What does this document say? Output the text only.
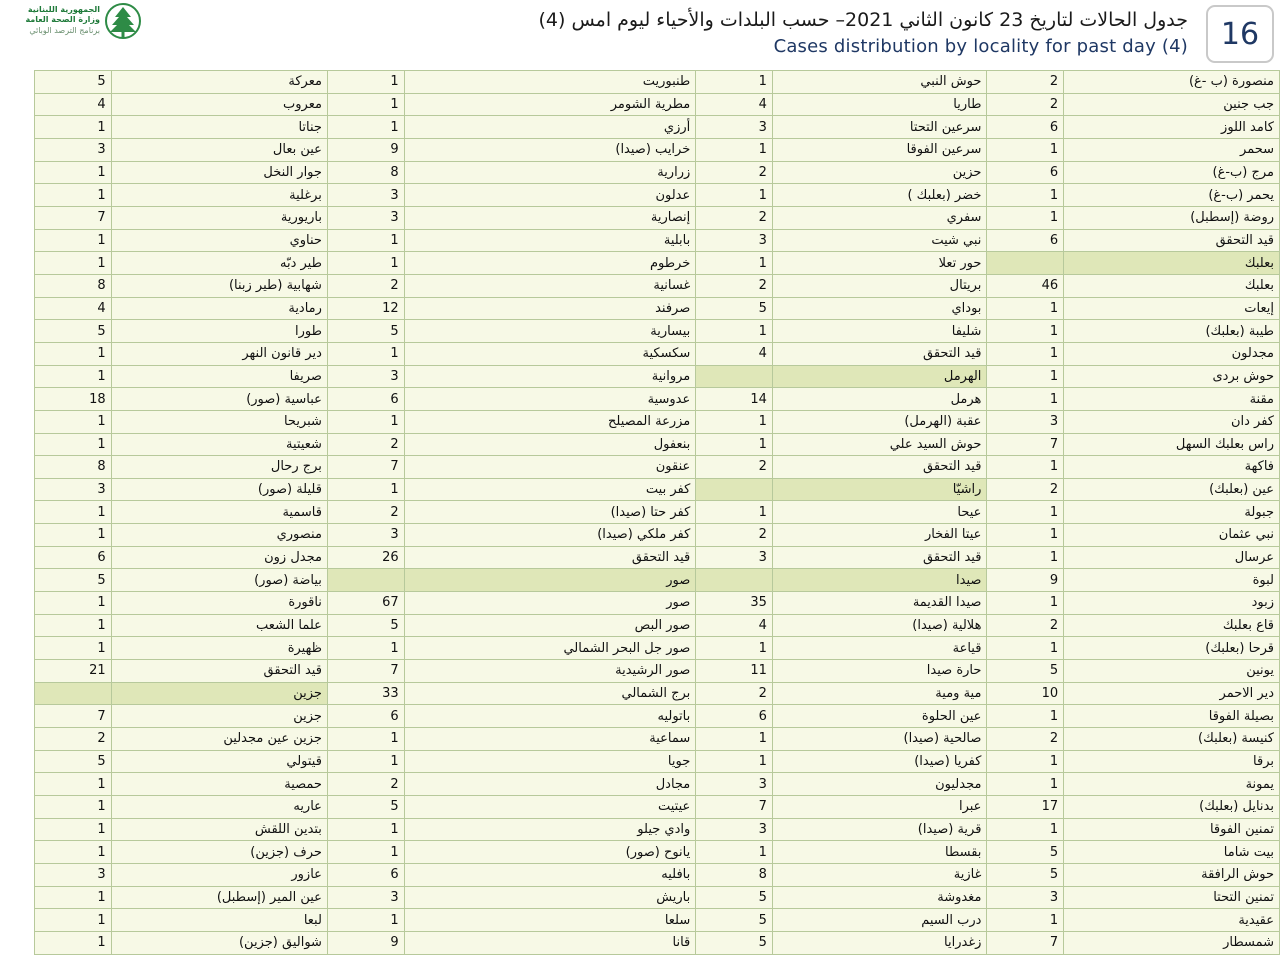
الجمهورية اللبنانية
وزارة الصحة العامة
برنامج الترصد الوبائي	جدول الحالات لتاريخ 23 كانون الثاني 2021– حسب البلدات والأحياء ليوم امس (4)
Cases distribution by locality for past day (4) 16
5	معركة	1	طنبوريت	1	حوش النبي	2	منصورة (ب -غ)
4	معروب	1	مطرية الشومر	4	طاريا	2	جب جنين
1	جناتا	1	أرزي	3	سرعين التحتا	6	كامد اللوز
3	عين بعال	9	خرايب (صيدا)	1	سرعين الفوقا	1	سحمر
1	جوار النخل	8	زرارية	2	حزين	6	مرج (ب-غ)
1	برغلية	3	عدلون	1	خضر (بعلبك )	1	يحمر (ب-غ)
7	باريورية	3	إنصارية	2	سفري	1	روضة (إسطبل)
1	حناوي	1	بابلية	3	نبي شيت	6	قيد التحقق
1	طير دبّه	1	خرطوم	1	حور تعلا		بعلبك
8	شهابية (طير زبنا)	2	غسانية	2	بريتال	46	بعلبك
4	رمادية	12	صرفند	5	بوداي	1	إيعات
5	طورا	5	بيسارية	1	شليفا	1	طيبة (بعلبك)
1	دير قانون النهر	1	سكسكية	4	قيد التحقق	1	مجدلون
1	صريفا	3	مروانية		الهرمل	1	حوش بردى
18	عباسية (صور)	6	عدوسية	14	هرمل	1	مقنة
1	شبريحا	1	مزرعة المصيلح	1	عقبة (الهرمل)	3	كفر دان
1	شعيتية	2	بنعفول	1	حوش السيد علي	7	راس بعلبك السهل
8	برج رحال	7	عنقون	2	قيد التحقق	1	فاكهة
3	قليلة (صور)	1	كفر بيت		راشيّا	2	عين (بعلبك)
1	قاسمية	2	كفر حتا (صيدا)	1	عيحا	1	جبولة
1	منصوري	3	كفر ملكي (صيدا)	2	عيتا الفخار	1	نبي عثمان
6	مجدل زون	26	قيد التحقق	3	قيد التحقق	1	عرسال
5	بياضة (صور)		صور		صيدا	9	لبوة
1	ناقورة	67	صور	35	صيدا القديمة	1	زبود
1	علما الشعب	5	صور البص	4	هلالية (صيدا)	2	قاع بعلبك
1	ظهيرة	1	صور جل البحر الشمالي	1	قياعة	1	قرحا (بعلبك)
21	قيد التحقق	7	صور الرشيدية	11	حارة صيدا	5	يونين
	جزين	33	برج الشمالي	2	مية ومية	10	دير الاحمر
7	جزين	6	باتوليه	6	عين الحلوة	1	بصيلة الفوقا
2	جزين عين مجدلين	1	سماعية	1	صالحية (صيدا)	2	كنيسة (بعلبك)
5	قيتولي	1	جويا	1	كفريا (صيدا)	1	برقا
1	حمصية	2	مجادل	3	مجدليون	1	يمونة
1	عاريه	5	عيتيت	7	عبرا	17	بدنايل (بعلبك)
1	بتدين اللقش	1	وادي جيلو	3	قرية (صيدا)	1	تمنين الفوقا
1	حرف (جزين)	1	يانوح (صور)	1	بقسطا	5	بيت شاما
3	عازور	6	بافليه	8	غازية	5	حوش الرافقة
1	عين المير (إسطبل)	3	باريش	5	مغدوشة	3	تمنين التحتا
1	لبعا	1	سلعا	5	درب السيم	1	عقيدية
1	شواليق (جزين)	9	قانا	5	زغدرايا	7	شمسطار
